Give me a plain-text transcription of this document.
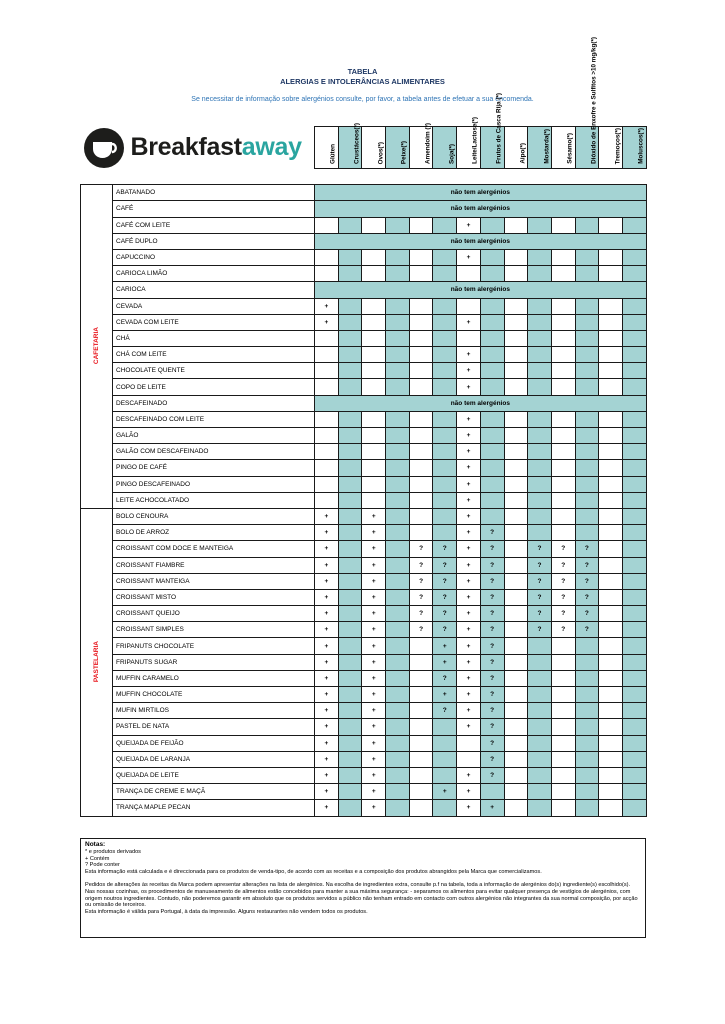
TABELA
ALERGIAS E INTOLERÂNCIAS ALIMENTARES
Se necessitar de informação sobre alergénios consulte, por favor, a tabela antes de efetuar a sua encomenda.
Breakfastaway		Glúten	Crustáceos(*)	Ovos(*)	Peixe(*)	Amendoim (*)	Soja(*)	Leite/Lactose(*)	Frutos de Casca Rija (*)	Aipo(*)	Mostarda(*)	Sésamo(*)	Dióxido de Enxofre e Sulfitos >10 mg/kg(*)	Tremoços(*)	Moluscos(*)

CAFETARIA	ABATANADO	não tem alergénios													
	CAFÉ	não tem alergénios													
	CAFÉ COM LEITE							+							
	CAFÉ DUPLO	não tem alergénios													
	CAPUCCINO							+							
	CARIOCA LIMÃO														
	CARIOCA	não tem alergénios													
	CEVADA	+													
	CEVADA COM LEITE	+						+							
	CHÁ														
	CHÁ COM LEITE							+							
	CHOCOLATE QUENTE							+							
	COPO DE LEITE							+							
	DESCAFEINADO	não tem alergénios													
	DESCAFEINADO COM LEITE							+							
	GALÃO							+							
	GALÃO COM DESCAFEINADO							+							
	PINGO DE CAFÉ							+							
	PINGO DESCAFEINADO							+							
	LEITE ACHOCOLATADO							+							
PASTELARIA	BOLO CENOURA	+		+				+							
	BOLO DE ARROZ	+		+				+	?						
	CROISSANT COM DOCE E MANTEIGA	+		+		?	?	+	?		?	?	?		
	CROISSANT FIAMBRE	+		+		?	?	+	?		?	?	?		
	CROISSANT MANTEIGA	+		+		?	?	+	?		?	?	?		
	CROISSANT MISTO	+		+		?	?	+	?		?	?	?		
	CROISSANT QUEIJO	+		+		?	?	+	?		?	?	?		
	CROISSANT SIMPLES	+		+		?	?	+	?		?	?	?		
	FRIPANUTS CHOCOLATE	+		+			+	+	?						
	FRIPANUTS SUGAR	+		+			+	+	?						
	MUFFIN CARAMELO	+		+			?	+	?						
	MUFFIN CHOCOLATE	+		+			+	+	?						
	MUFIN MIRTILOS	+		+			?	+	?						
	PASTEL DE NATA	+		+				+	?						
	QUEIJADA DE FEIJÃO	+		+					?						
	QUEIJADA DE LARANJA	+		+					?						
	QUEIJADA DE LEITE	+		+				+	?						
	TRANÇA DE CREME E MAÇÃ	+		+			+	+							
	TRANÇA MAPLE PECAN	+		+				+	+						

Notas:

* e produtos derivados

+ Contém

? Pode conter

Esta informação está calculada e é direccionada para os produtos de venda-tipo, de acordo com as receitas e a composição dos produtos abrangidos pela Marca que comercializamos.

Pedidos de alterações às receitas da Marca podem apresentar alterações na lista de alergénios. Na escolha de ingredientes extra, consulte p.f na tabela, toda a informação de alergénios do(s) ingrediente(s) escolhido(s).

Nas nossas cozinhas, os procedimentos de manuseamento de alimentos estão concebidos para manter a sua máxima segurança: - separamos os alimentos para evitar qualquer presença de vestígios de alergénios, com origem noutros ingredientes. Contudo, não poderemos garantir em absoluto que os produtos servidos a público não tenham entrado em contacto com outros alergénios não integrantes da sua normal composição, por acção ou omissão de terceiros.

Esta informação é válida para Portugal, à data da impressão. Alguns restaurantes não vendem todos os produtos.
